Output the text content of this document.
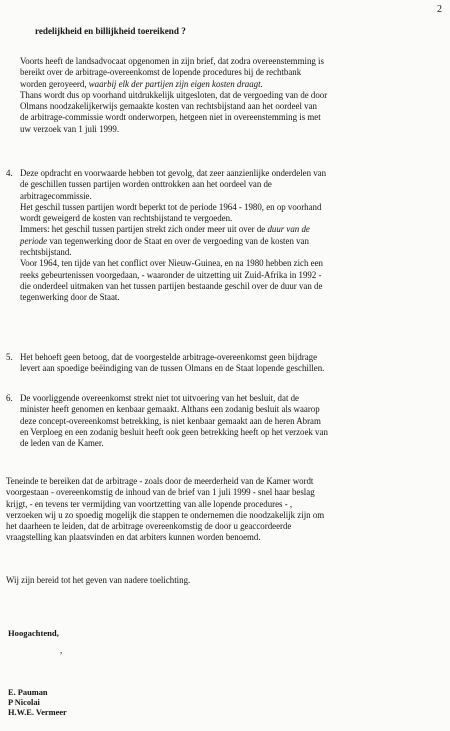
2
redelijkheid en billijkheid toereikend ?

Voorts heeft de landsadvocaat opgenomen in zijn brief, dat zodra overeenstemming is
bereikt over de arbitrage-overeenkomst de lopende procedures bij de rechtbank
worden geroyeerd, waarbij elk der partijen zijn eigen kosten draagt.
Thans wordt dus op voorhand uitdrukkelijk uitgesloten, dat de vergoeding van de door
Olmans noodzakelijkerwijs gemaakte kosten van rechtsbijstand aan het oordeel van
de arbitrage-commissie wordt onderworpen, hetgeen niet in overeenstemming is met
uw verzoek van 1 juli 1999.

4. Deze opdracht en voorwaarde hebben tot gevolg, dat zeer aanzienlijke onderdelen van
de geschillen tussen partijen worden onttrokken aan het oordeel van de
arbitragecommissie.
Het geschil tussen partijen wordt beperkt tot de periode 1964 - 1980, en op voorhand
wordt geweigerd de kosten van rechtsbijstand te vergoeden.
Immers: het geschil tussen partijen strekt zich onder meer uit over de duur van de
periode van tegenwerking door de Staat en over de vergoeding van de kosten van
rechtsbijstand.
Voor 1964, ten tijde van het conflict over Nieuw-Guinea, en na 1980 hebben zich een
reeks gebeurtenissen voorgedaan, - waaronder de uitzetting uit Zuid-Afrika in 1992 -
die onderdeel uitmaken van het tussen partijen bestaande geschil over de duur van de
tegenwerking door de Staat.

5. Het behoeft geen betoog, dat de voorgestelde arbitrage-overeenkomst geen bijdrage
levert aan spoedige beëindiging van de tussen Olmans en de Staat lopende geschillen.

6. De voorliggende overeenkomst strekt niet tot uitvoering van het besluit, dat de
minister heeft genomen en kenbaar gemaakt. Althans een zodanig besluit als waarop
deze concept-overeenkomst betrekking, is niet kenbaar gemaakt aan de heren Abram
en Verploeg en een zodanig besluit heeft ook geen betrekking heeft op het verzoek van
de leden van de Kamer.

Teneinde te bereiken dat de arbitrage - zoals door de meerderheid van de Kamer wordt
voorgestaan - overeenkomstig de inhoud van de brief van 1 juli 1999 - snel haar beslag
krijgt, - en tevens ter vermijding van voortzetting van alle lopende procedures - ,
verzoeken wij u zo spoedig mogelijk die stappen te ondernemen die noodzakelijk zijn om
het daarheen te leiden, dat de arbitrage overeenkomstig de door u geaccordeerde
vraagstelling kan plaatsvinden en dat arbiters kunnen worden benoemd.

Wij zijn bereid tot het geven van nadere toelichting.
Hoogachtend,
,
E. Pauman
P Nicolai
H.W.E. Vermeer
